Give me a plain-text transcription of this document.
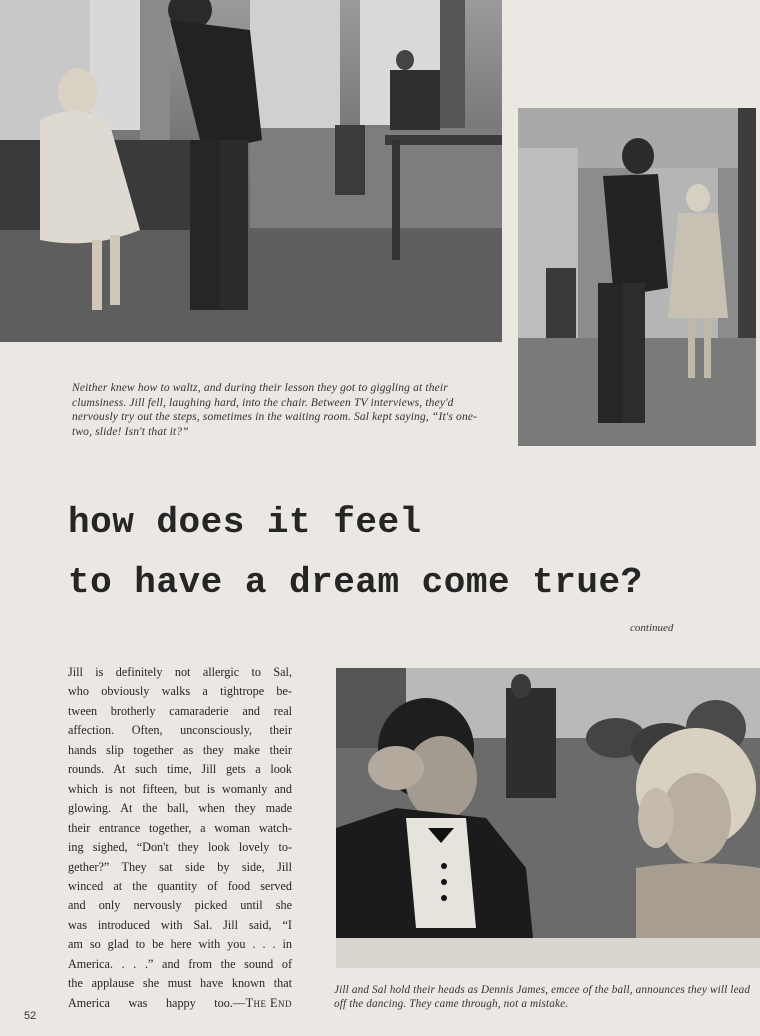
Neither knew how to waltz, and during their lesson they got to giggling at their clumsiness. Jill fell, laughing hard, into the chair. Between TV interviews, they'd nervously try out the steps, sometimes in the waiting room. Sal kept saying, “It's one-two, slide! Isn't that it?”
how does it feel
to have a dream come true?
continued
Jill is definitely not allergic to Sal,
who obviously walks a tightrope be-
tween brotherly camaraderie and real
affection. Often, unconsciously, their
hands slip together as they make their
rounds. At such time, Jill gets a look
which is not fifteen, but is womanly and
glowing. At the ball, when they made
their entrance together, a woman watch-
ing sighed, “Don't they look lovely to-
gether?” They sat side by side, Jill
winced at the quantity of food served
and only nervously picked until she
was introduced with Sal. Jill said, “I
am so glad to be here with you . . . in
America. . . .” and from the sound of
the applause she must have known that
America was happy too. —The End
Jill and Sal hold their heads as Dennis James, emcee of the ball, announces they will lead off the dancing. They came through, not a mistake.
52
